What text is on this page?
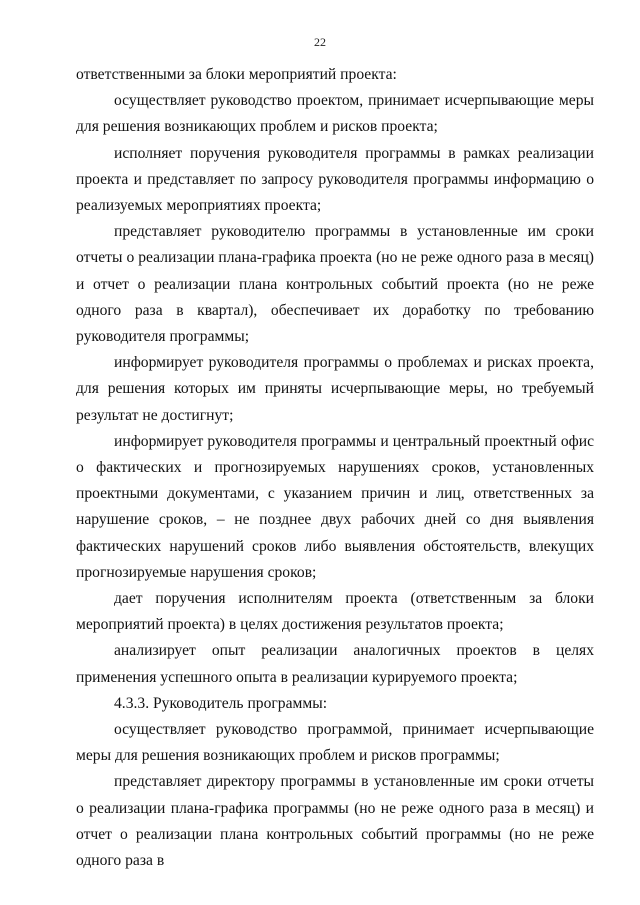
22

ответственными за блоки мероприятий проекта:

осуществляет руководство проектом, принимает исчерпывающие меры для решения возникающих проблем и рисков проекта;

исполняет поручения руководителя программы в рамках реализации проекта и представляет по запросу руководителя программы информацию о реализуемых мероприятиях проекта;

представляет руководителю программы в установленные им сроки отчеты о реализации плана-графика проекта (но не реже одного раза в месяц) и отчет о реализации плана контрольных событий проекта (но не реже одного раза в квартал), обеспечивает их доработку по требованию руководителя программы;

информирует руководителя программы о проблемах и рисках проекта, для решения которых им приняты исчерпывающие меры, но требуемый результат не достигнут;

информирует руководителя программы и центральный проектный офис о фактических и прогнозируемых нарушениях сроков, установленных проектными документами, с указанием причин и лиц, ответственных за нарушение сроков, – не позднее двух рабочих дней со дня выявления фактических нарушений сроков либо выявления обстоятельств, влекущих прогнозируемые нарушения сроков;

дает поручения исполнителям проекта (ответственным за блоки мероприятий проекта) в целях достижения результатов проекта;

анализирует опыт реализации аналогичных проектов в целях применения успешного опыта в реализации курируемого проекта;

4.3.3. Руководитель программы:

осуществляет руководство программой, принимает исчерпывающие меры для решения возникающих проблем и рисков программы;

представляет директору программы в установленные им сроки отчеты о реализации плана-графика программы (но не реже одного раза в месяц) и отчет о реализации плана контрольных событий программы (но не реже одного раза в
